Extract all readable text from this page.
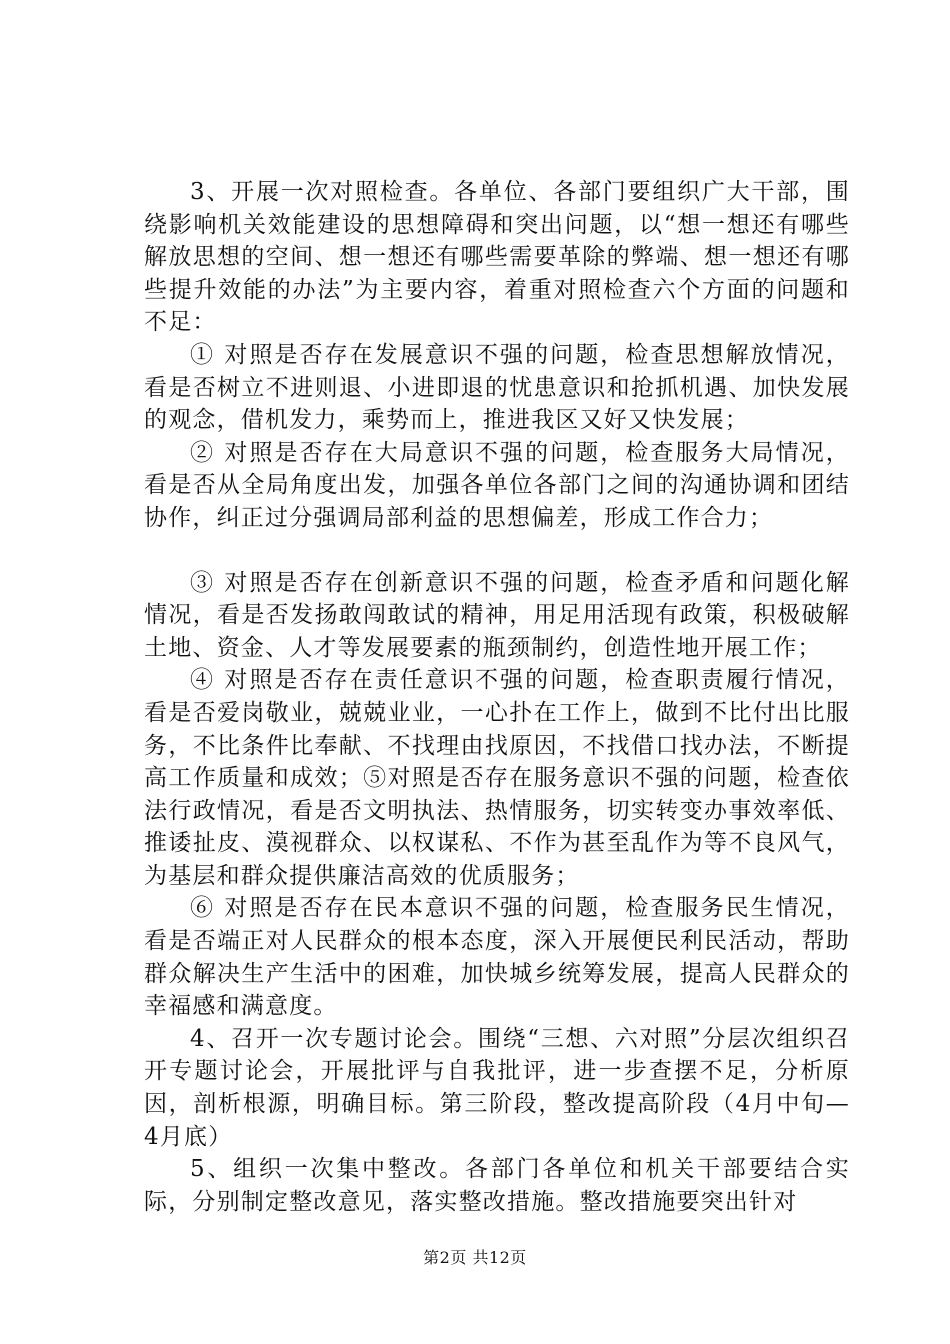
3、开展一次对照检查。各单位、各部门要组织广大干部，围绕影响机关效能建设的思想障碍和突出问题，以“想一想还有哪些解放思想的空间、想一想还有哪些需要革除的弊端、想一想还有哪些提升效能的办法”为主要内容，着重对照检查六个方面的问题和不足：

① 对照是否存在发展意识不强的问题，检查思想解放情况，看是否树立不进则退、小进即退的忧患意识和抢抓机遇、加快发展的观念，借机发力，乘势而上，推进我区又好又快发展；

② 对照是否存在大局意识不强的问题，检查服务大局情况，看是否从全局角度出发，加强各单位各部门之间的沟通协调和团结协作，纠正过分强调局部利益的思想偏差，形成工作合力；

③ 对照是否存在创新意识不强的问题，检查矛盾和问题化解情况，看是否发扬敢闯敢试的精神，用足用活现有政策，积极破解土地、资金、人才等发展要素的瓶颈制约，创造性地开展工作；

④ 对照是否存在责任意识不强的问题，检查职责履行情况，看是否爱岗敬业，兢兢业业，一心扑在工作上，做到不比付出比服务，不比条件比奉献、不找理由找原因，不找借口找办法，不断提高工作质量和成效；⑤对照是否存在服务意识不强的问题，检查依法行政情况，看是否文明执法、热情服务，切实转变办事效率低、推诿扯皮、漠视群众、以权谋私、不作为甚至乱作为等不良风气，为基层和群众提供廉洁高效的优质服务；

⑥ 对照是否存在民本意识不强的问题，检查服务民生情况，看是否端正对人民群众的根本态度，深入开展便民利民活动，帮助群众解决生产生活中的困难，加快城乡统筹发展，提高人民群众的幸福感和满意度。

4、召开一次专题讨论会。围绕“三想、六对照”分层次组织召开专题讨论会，开展批评与自我批评，进一步查摆不足，分析原因，剖析根源，明确目标。第三阶段，整改提高阶段（4月中旬—4月底）

5、组织一次集中整改。各部门各单位和机关干部要结合实际，分别制定整改意见，落实整改措施。整改措施要突出针对

第2页 共12页
